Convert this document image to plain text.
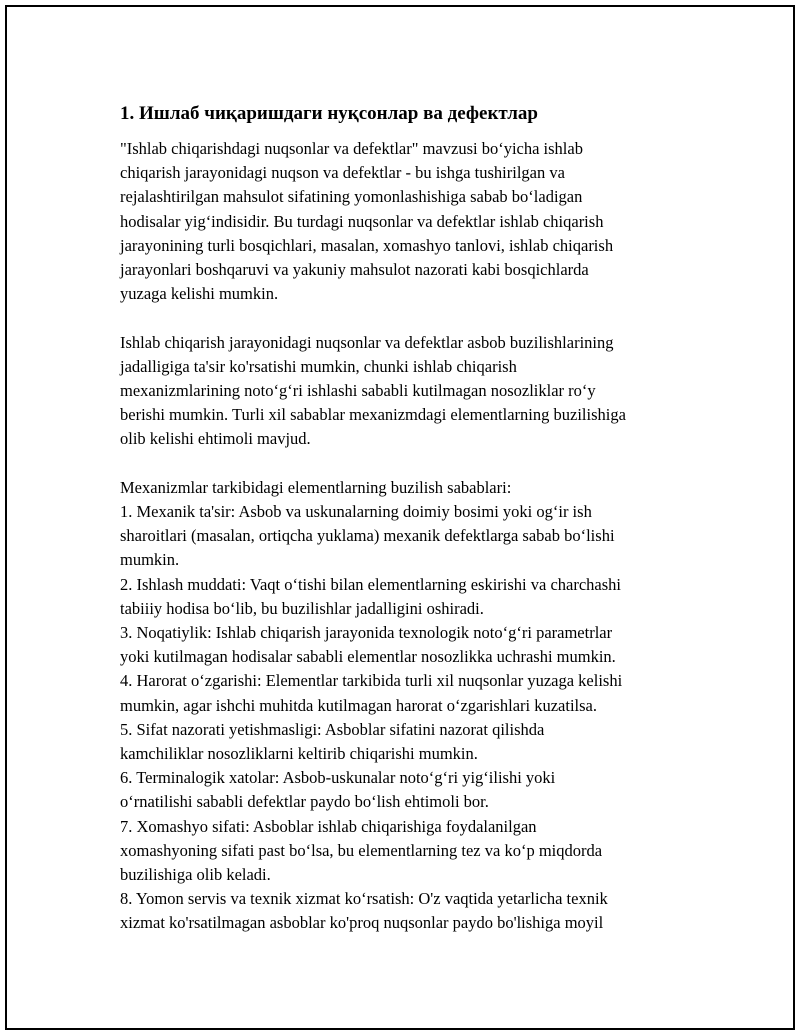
1. Ишлаб чиқаришдаги нуқсонлар ва дефектлар

"Ishlab chiqarishdagi nuqsonlar va defektlar" mavzusi boʻyicha ishlab
chiqarish jarayonidagi nuqson va defektlar - bu ishga tushirilgan va
rejalashtirilgan mahsulot sifatining yomonlashishiga sabab boʻladigan
hodisalar yigʻindisidir. Bu turdagi nuqsonlar va defektlar ishlab chiqarish
jarayonining turli bosqichlari, masalan, xomashyo tanlovi, ishlab chiqarish
jarayonlari boshqaruvi va yakuniy mahsulot nazorati kabi bosqichlarda
yuzaga kelishi mumkin.

Ishlab chiqarish jarayonidagi nuqsonlar va defektlar asbob buzilishlarining
jadalligiga ta'sir ko'rsatishi mumkin, chunki ishlab chiqarish
mexanizmlarining notoʻgʻri ishlashi sababli kutilmagan nosozliklar roʻy
berishi mumkin. Turli xil sabablar mexanizmdagi elementlarning buzilishiga
olib kelishi ehtimoli mavjud.

Mexanizmlar tarkibidagi elementlarning buzilish sabablari:
1. Mexanik ta'sir: Asbob va uskunalarning doimiy bosimi yoki ogʻir ish
sharoitlari (masalan, ortiqcha yuklama) mexanik defektlarga sabab boʻlishi
mumkin.
2. Ishlash muddati: Vaqt oʻtishi bilan elementlarning eskirishi va charchashi
tabiiiy hodisa boʻlib, bu buzilishlar jadalligini oshiradi.
3. Noqatiylik: Ishlab chiqarish jarayonida texnologik notoʻgʻri parametrlar
yoki kutilmagan hodisalar sababli elementlar nosozlikka uchrashi mumkin.
4. Harorat oʻzgarishi: Elementlar tarkibida turli xil nuqsonlar yuzaga kelishi
mumkin, agar ishchi muhitda kutilmagan harorat oʻzgarishlari kuzatilsa.
5. Sifat nazorati yetishmasligi: Asboblar sifatini nazorat qilishda
kamchiliklar nosozliklarni keltirib chiqarishi mumkin.
6. Terminalogik xatolar: Asbob-uskunalar notoʻgʻri yigʻilishi yoki
oʻrnatilishi sababli defektlar paydo boʻlish ehtimoli bor.
7. Xomashyo sifati: Asboblar ishlab chiqarishiga foydalanilgan
xomashyoning sifati past boʻlsa, bu elementlarning tez va koʻp miqdorda
buzilishiga olib keladi.
8. Yomon servis va texnik xizmat koʻrsatish: O'z vaqtida yetarlicha texnik
xizmat ko'rsatilmagan asboblar ko'proq nuqsonlar paydo bo'lishiga moyil
